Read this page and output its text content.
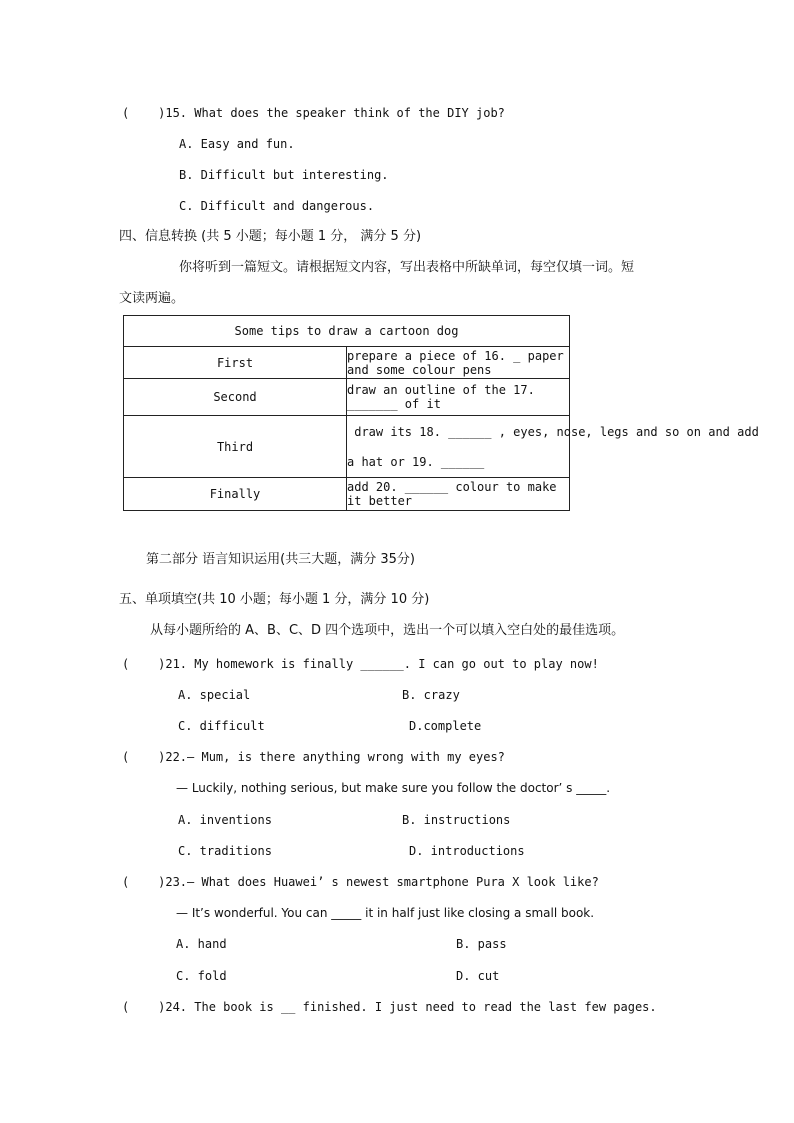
(    )15. What does the speaker think of the DIY job?
A. Easy and fun.
B. Difficult but interesting.
C. Difficult and dangerous.
四、信息转换 (共 5 小题；每小题 1 分， 满分 5 分)
你将听到一篇短文。请根据短文内容，写出表格中所缺单词，每空仅填一词。短
文读两遍。
Some tips to draw a cartoon dog	
First	prepare a piece of 16. _ paper and some colour pens
Second	draw an outline of the 17. _______ of it
Third	draw its 18. ______ , eyes, nose, legs and so on and add
a hat or 19. ______

Finally	add 20. ______ colour to make it better
第二部分 语言知识运用(共三大题，满分 35分)
五、单项填空(共 10 小题；每小题 1 分，满分 10 分)
从每小题所给的 A、B、C、D 四个选项中，选出一个可以填入空白处的最佳选项。
(    )21. My homework is finally ______. I can go out to play now!
A. special	B. crazy
C. difficult	D.complete
(    )22.— Mum, is there anything wrong with my eyes?
— Luckily, nothing serious, but make sure you follow the doctor’ s _____.
A. inventions	B. instructions
C. traditions	D. introductions
(    )23.— What does Huawei’ s newest smartphone Pura X look like?
— It’s wonderful. You can _____ it in half just like closing a small book.
A. hand	B. pass
C. fold	D. cut
(    )24. The book is __ finished. I just need to read the last few pages.
